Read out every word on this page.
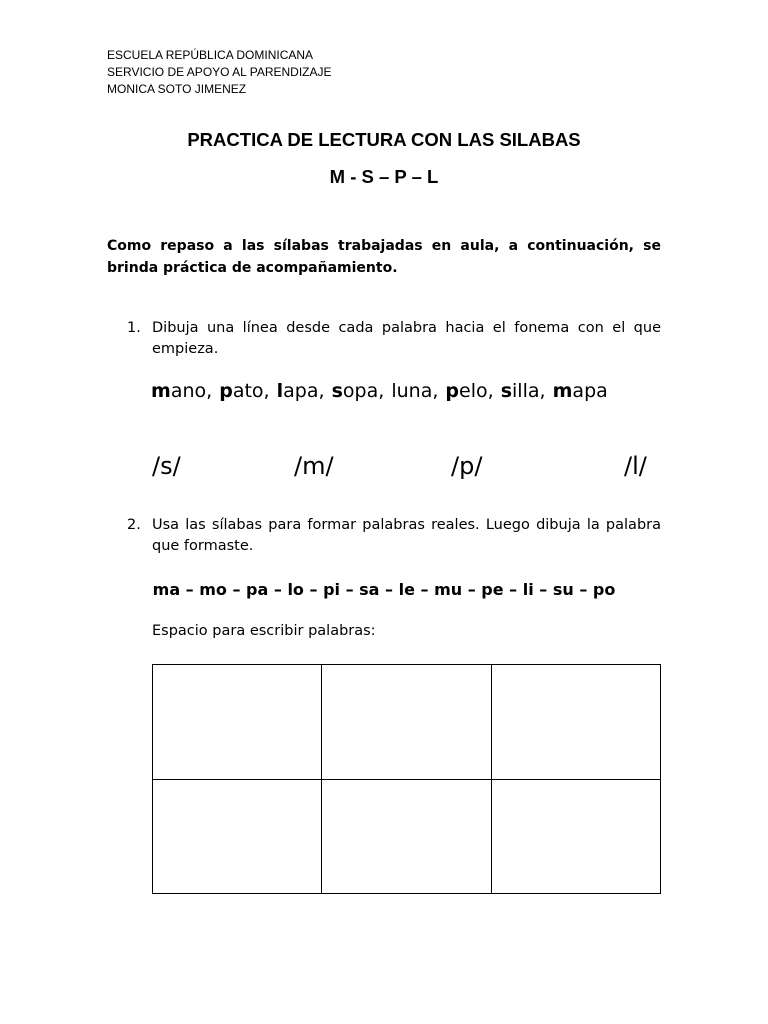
ESCUELA REPÚBLICA DOMINICANA
SERVICIO DE APOYO AL PARENDIZAJE
MONICA SOTO JIMENEZ
PRACTICA DE LECTURA CON LAS SILABAS
M - S – P – L
Como repaso a las sílabas trabajadas en aula, a continuación, se brinda práctica de acompañamiento.
1. Dibuja una línea desde cada palabra hacia el fonema con el que empieza.
mano, pato, lapa, sopa, luna, pelo, silla, mapa
/s/	/m/	/p/	/l/
2. Usa las sílabas para formar palabras reales. Luego dibuja la palabra que formaste.
ma – mo – pa – lo – pi – sa – le – mu – pe – li – su – po
Espacio para escribir palabras:
